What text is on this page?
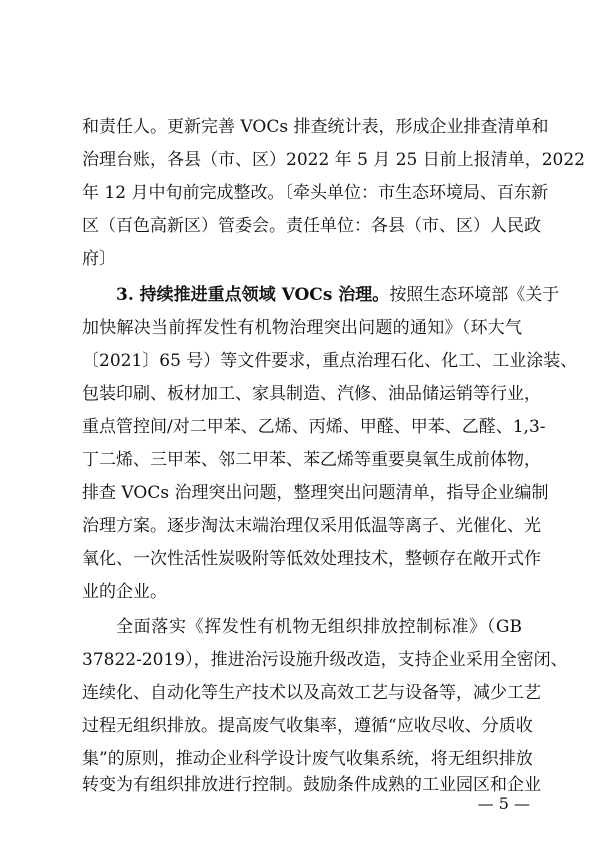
和责任人。更新完善 VOCs 排查统计表，形成企业排查清单和
治理台账，各县（市、区）2022 年 5 月 25 日前上报清单，2022
年 12 月中旬前完成整改。〔牵头单位：市生态环境局、百东新
区（百色高新区）管委会。责任单位：各县（市、区）人民政
府〕
3. 持续推进重点领域 VOCs 治理。按照生态环境部《关于
加快解决当前挥发性有机物治理突出问题的通知》（环大气
〔2021〕65 号）等文件要求，重点治理石化、化工、工业涂装、
包装印刷、板材加工、家具制造、汽修、油品储运销等行业，
重点管控间/对二甲苯、乙烯、丙烯、甲醛、甲苯、乙醛、1,3-
丁二烯、三甲苯、邻二甲苯、苯乙烯等重要臭氧生成前体物，
排查 VOCs 治理突出问题，整理突出问题清单，指导企业编制
治理方案。逐步淘汰末端治理仅采用低温等离子、光催化、光
氧化、一次性活性炭吸附等低效处理技术，整顿存在敞开式作
业的企业。
全面落实《挥发性有机物无组织排放控制标准》（GB
37822-2019），推进治污设施升级改造，支持企业采用全密闭、
连续化、自动化等生产技术以及高效工艺与设备等，减少工艺
过程无组织排放。提高废气收集率，遵循“应收尽收、分质收
集”的原则，推动企业科学设计废气收集系统，将无组织排放
转变为有组织排放进行控制。鼓励条件成熟的工业园区和企业
— 5 —
